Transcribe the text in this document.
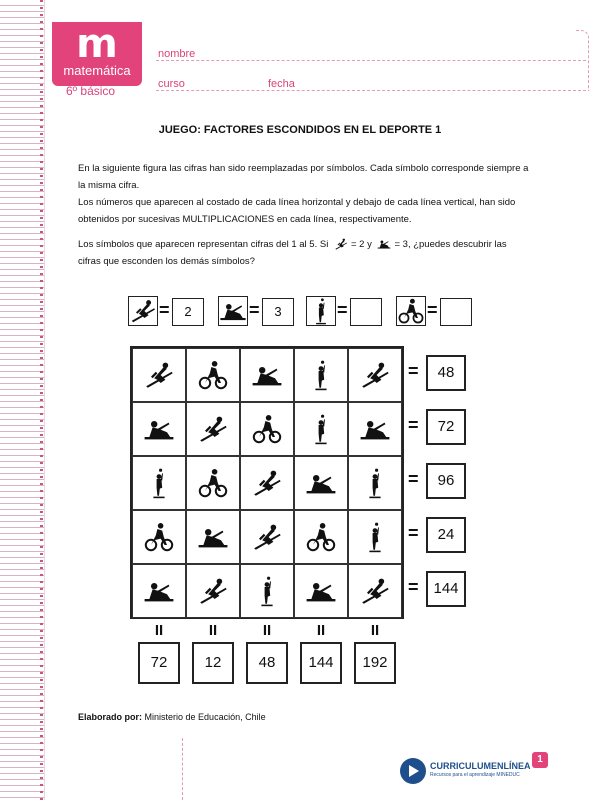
m
matemática
6º básico
nombre
curso	fecha
JUEGO: FACTORES ESCONDIDOS EN EL DEPORTE 1
En la siguiente figura las cifras han sido reemplazadas por símbolos. Cada símbolo corresponde siempre a la misma cifra.
Los números que aparecen al costado de cada línea horizontal y debajo de cada línea vertical, han sido obtenidos por sucesivas MULTIPLICACIONES en cada línea, respectivamente.
Los símbolos que aparecen representan cifras del 1 al 5. Si = 2 y = 3, ¿puedes descubrir las cifras que esconden los demás símbolos?
=	2	=	3	=	=
=	48
=	72
=	96
=	24
= 144
II
72
II
12
II
48
II
144
II
192
Elaborado por: Ministerio de Educación, Chile
CURRICULUMENLÍNEA
Recursos para el aprendizaje MINEDUC
1
